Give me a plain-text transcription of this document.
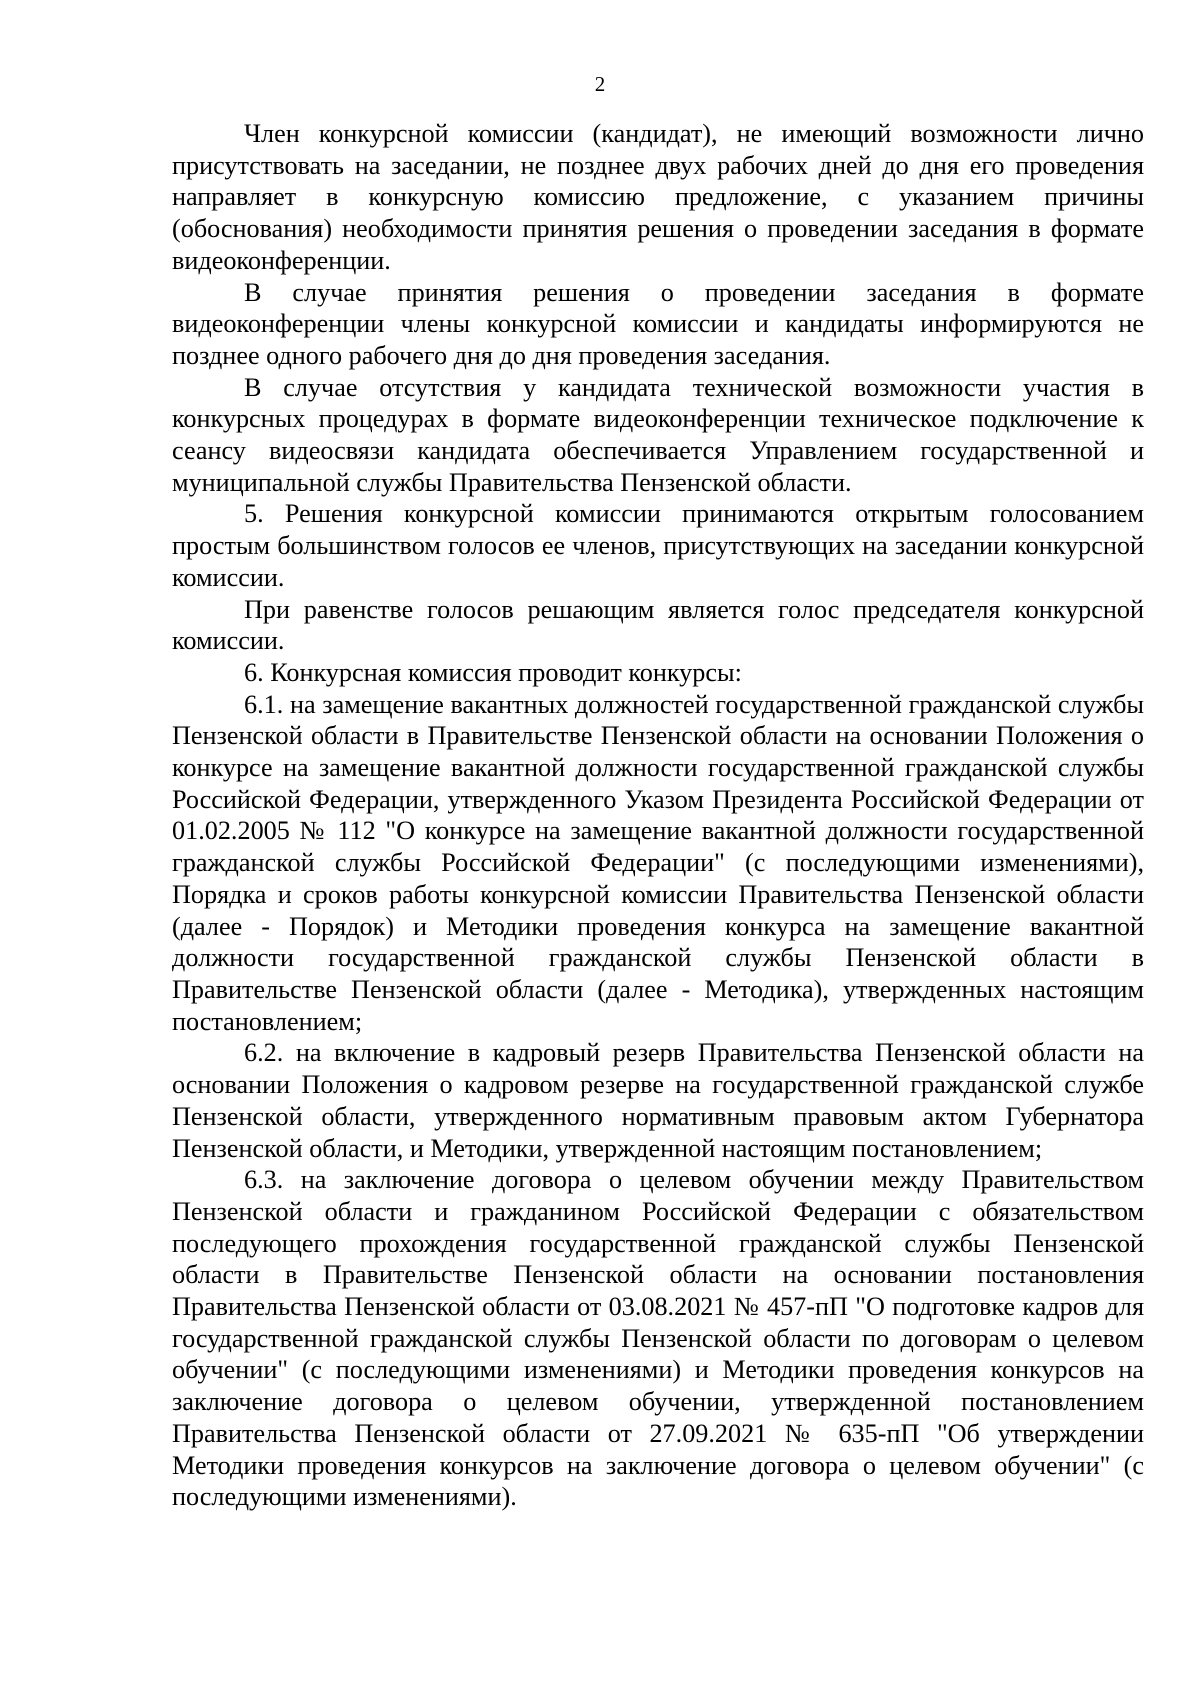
2

Член конкурсной комиссии (кандидат), не имеющий возможности лично присутствовать на заседании, не позднее двух рабочих дней до дня его проведения направляет в конкурсную комиссию предложение, с указанием причины (обоснования) необходимости принятия решения о проведении заседания в формате видеоконференции.

В случае принятия решения о проведении заседания в формате видеоконференции члены конкурсной комиссии и кандидаты информируются не позднее одного рабочего дня до дня проведения заседания.

В случае отсутствия у кандидата технической возможности участия в конкурсных процедурах в формате видеоконференции техническое подключение к сеансу видеосвязи кандидата обеспечивается Управлением государственной и муниципальной службы Правительства Пензенской области.

5. Решения конкурсной комиссии принимаются открытым голосованием простым большинством голосов ее членов, присутствующих на заседании конкурсной комиссии.

При равенстве голосов решающим является голос председателя конкурсной комиссии.

6. Конкурсная комиссия проводит конкурсы:

6.1. на замещение вакантных должностей государственной гражданской службы Пензенской области в Правительстве Пензенской области на основании Положения о конкурсе на замещение вакантной должности государственной гражданской службы Российской Федерации, утвержденного Указом Президента Российской Федерации от 01.02.2005 № 112 "О конкурсе на замещение вакантной должности государственной гражданской службы Российской Федерации" (с последующими изменениями), Порядка и сроков работы конкурсной комиссии Правительства Пензенской области (далее - Порядок) и Методики проведения конкурса на замещение вакантной должности государственной гражданской службы Пензенской области в Правительстве Пензенской области (далее - Методика), утвержденных настоящим постановлением;

6.2. на включение в кадровый резерв Правительства Пензенской области на основании Положения о кадровом резерве на государственной гражданской службе Пензенской области, утвержденного нормативным правовым актом Губернатора Пензенской области, и Методики, утвержденной настоящим постановлением;

6.3. на заключение договора о целевом обучении между Правительством Пензенской области и гражданином Российской Федерации с обязательством последующего прохождения государственной гражданской службы Пензенской области в Правительстве Пензенской области на основании постановления Правительства Пензенской области от 03.08.2021 № 457-пП "О подготовке кадров для государственной гражданской службы Пензенской области по договорам о целевом обучении" (с последующими изменениями) и Методики проведения конкурсов на заключение договора о целевом обучении, утвержденной постановлением Правительства Пензенской области от 27.09.2021 № 635-пП "Об утверждении Методики проведения конкурсов на заключение договора о целевом обучении" (с последующими изменениями).
